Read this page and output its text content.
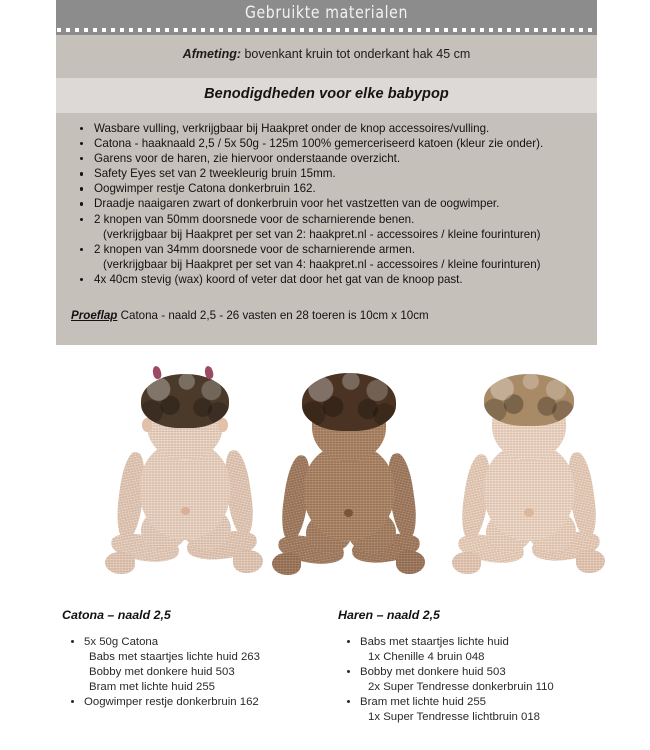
Gebruikte materialen
Afmeting: bovenkant kruin tot onderkant hak 45 cm
Benodigdheden voor elke babypop
Wasbare vulling, verkrijgbaar bij Haakpret onder de knop accessoires/vulling.
Catona - haaknaald 2,5 / 5x 50g - 125m 100% gemerceriseerd katoen (kleur zie onder).
Garens voor de haren, zie hiervoor onderstaande overzicht.
Safety Eyes set van 2 tweekleurig bruin 15mm.
Oogwimper restje Catona donkerbruin 162.
Draadje naaigaren zwart of donkerbruin voor het vastzetten van de oogwimper.
2 knopen van 50mm doorsnede voor de scharnierende benen.
(verkrijgbaar bij Haakpret per set van 2: haakpret.nl - accessoires / kleine fourinturen)
2 knopen van 34mm doorsnede voor de scharnierende armen.
(verkrijgbaar bij Haakpret per set van 4: haakpret.nl - accessoires / kleine fourinturen)
4x 40cm stevig (wax) koord of veter dat door het gat van de knoop past.
Proeflap Catona - naald 2,5 - 26 vasten en 28 toeren is 10cm x 10cm
Catona – naald 2,5
5x 50g Catona
Babs met staartjes lichte huid 263
Bobby met donkere huid 503
Bram met lichte huid 255
Oogwimper restje donkerbruin 162
Haren – naald 2,5
Babs met staartjes lichte huid
1x Chenille 4 bruin 048
Bobby met donkere huid 503
2x Super Tendresse donkerbruin 110
Bram met lichte huid 255
1x Super Tendresse lichtbruin 018
